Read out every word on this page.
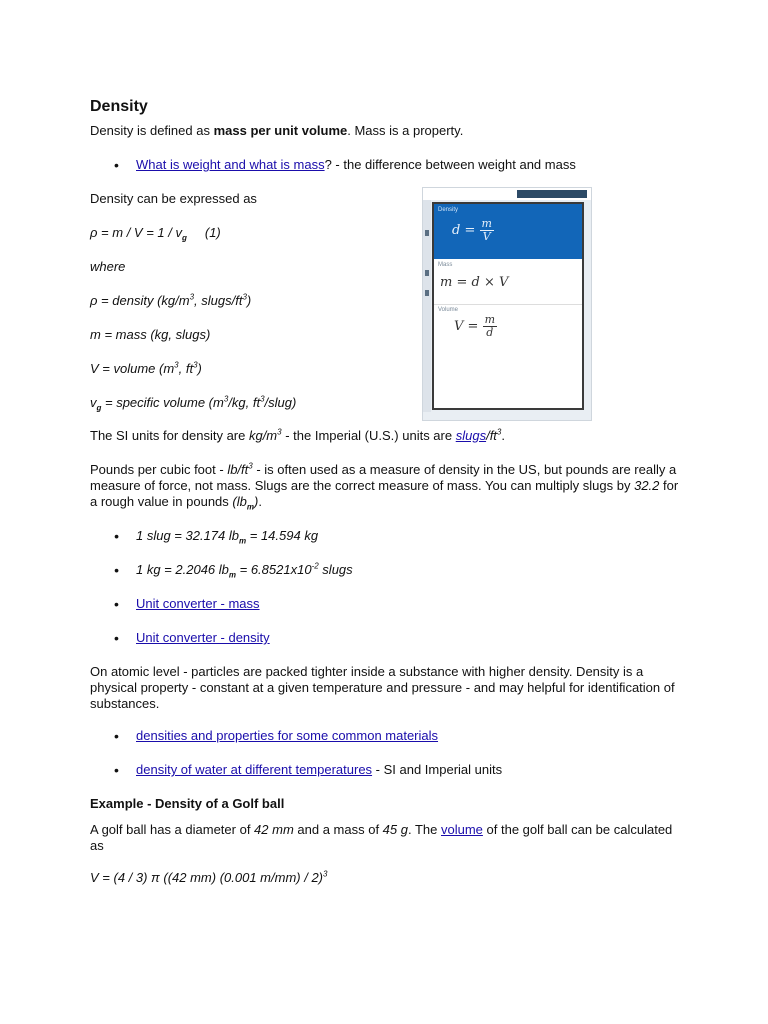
Density

Density is defined as mass per unit volume. Mass is a property.

• What is weight and what is mass? - the difference between weight and mass

Density can be expressed as

$\rho = m / V = 1 / v_g$ (1)

where

ρ = density ($kg/m^3$, slugs/$ft^3$)

m = mass (kg, slugs)

V = volume ($m^3$, $ft^3$)

$v_g$ = specific volume ($m^3/kg$, $ft^3/slug$)

The SI units for density are $kg/m^3$ - the Imperial (U.S.) units are slugs/$ft^3$.

Pounds per cubic foot - $lb/ft^3$ - is often used as a measure of density in the US, but pounds are really a measure of force, not mass. Slugs are the correct measure of mass. You can multiply slugs by 32.2 for a rough value in pounds $(lb_m)$.

• 1 slug = 32.174 $lb_m = 14.594$ kg
• 1 kg = 2.2046 $lb_m = 6.8521x10^{-2}$ slugs
• Unit converter - mass
• Unit converter - density

On atomic level - particles are packed tighter inside a substance with higher density. Density is a physical property - constant at a given temperature and pressure - and may helpful for identification of substances.

• densities and properties for some common materials
• density of water at different temperatures - SI and Imperial units

Example - Density of a Golf ball

A golf ball has a diameter of 42 mm and a mass of 45 g. The volume of the golf ball can be calculated as

V = (4 / 3) π ((42 mm) (0.001 m/mm) / 2)$^3$

Density
$d = \frac{m}{V}$
Mass
m = d × V
Volume
$V = \frac{m}{d}$
